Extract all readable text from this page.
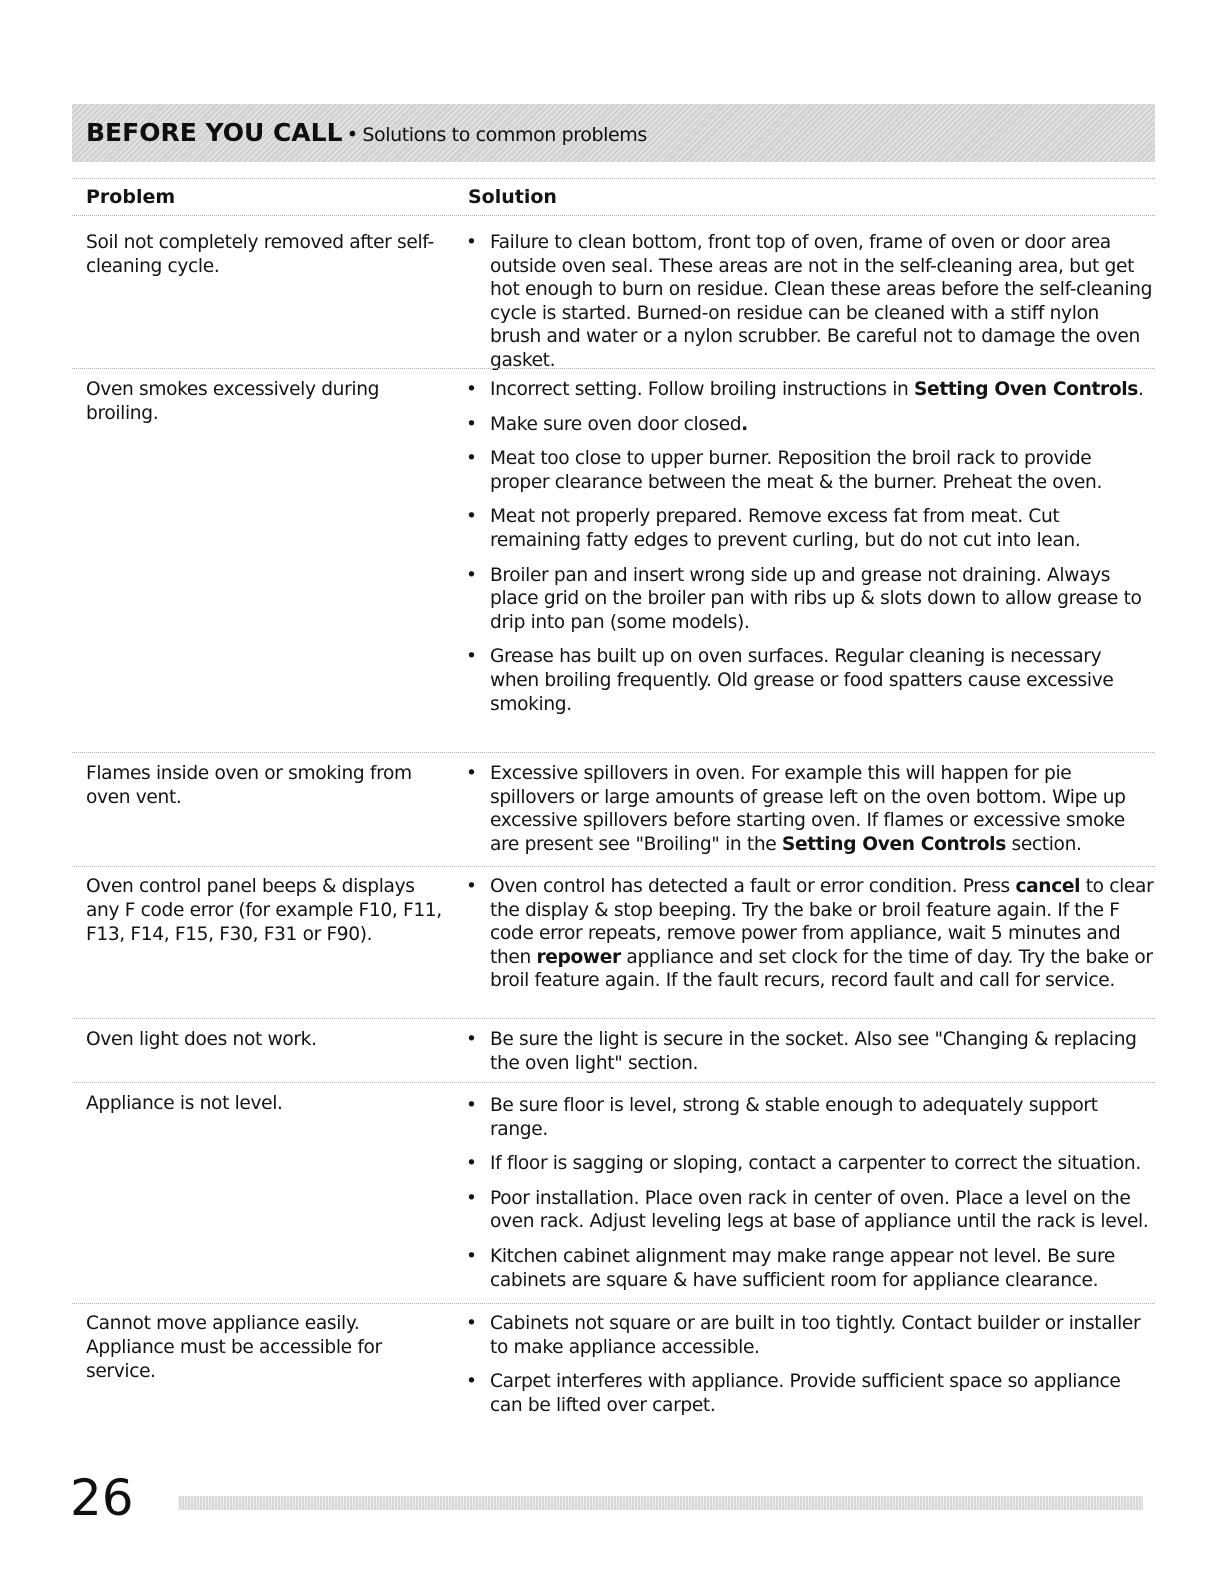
BEFORE YOU CALL • Solutions to common problems
Problem	Solution
Soil not completely removed after self-cleaning cycle.
• Failure to clean bottom, front top of oven, frame of oven or door area outside oven seal. These areas are not in the self-cleaning area, but get hot enough to burn on residue. Clean these areas before the self-cleaning cycle is started. Burned-on residue can be cleaned with a stiff nylon brush and water or a nylon scrubber. Be careful not to damage the oven gasket.
Oven smokes excessively during broiling.
• Incorrect setting. Follow broiling instructions in Setting Oven Controls.
• Make sure oven door closed.
• Meat too close to upper burner. Reposition the broil rack to provide proper clearance between the meat & the burner. Preheat the oven.
• Meat not properly prepared. Remove excess fat from meat. Cut remaining fatty edges to prevent curling, but do not cut into lean.
• Broiler pan and insert wrong side up and grease not draining. Always place grid on the broiler pan with ribs up & slots down to allow grease to drip into pan (some models).
• Grease has built up on oven surfaces. Regular cleaning is necessary when broiling frequently. Old grease or food spatters cause excessive smoking.
Flames inside oven or smoking from oven vent.
• Excessive spillovers in oven. For example this will happen for pie spillovers or large amounts of grease left on the oven bottom. Wipe up excessive spillovers before starting oven. If flames or excessive smoke are present see "Broiling" in the Setting Oven Controls section.
Oven control panel beeps & displays any F code error (for example F10, F11, F13, F14, F15, F30, F31 or F90).
• Oven control has detected a fault or error condition. Press cancel to clear the display & stop beeping. Try the bake or broil feature again. If the F code error repeats, remove power from appliance, wait 5 minutes and then repower appliance and set clock for the time of day. Try the bake or broil feature again. If the fault recurs, record fault and call for service.
Oven light does not work.	• Be sure the light is secure in the socket. Also see "Changing & replacing the oven light" section.
Appliance is not level.	• Be sure floor is level, strong & stable enough to adequately support range.
• If floor is sagging or sloping, contact a carpenter to correct the situation.
• Poor installation. Place oven rack in center of oven. Place a level on the oven rack. Adjust leveling legs at base of appliance until the rack is level.
• Kitchen cabinet alignment may make range appear not level. Be sure cabinets are square & have sufficient room for appliance clearance.
Cannot move appliance easily. Appliance must be accessible for service.
• Cabinets not square or are built in too tightly. Contact builder or installer to make appliance accessible.
• Carpet interferes with appliance. Provide sufficient space so appliance can be lifted over carpet.
26
